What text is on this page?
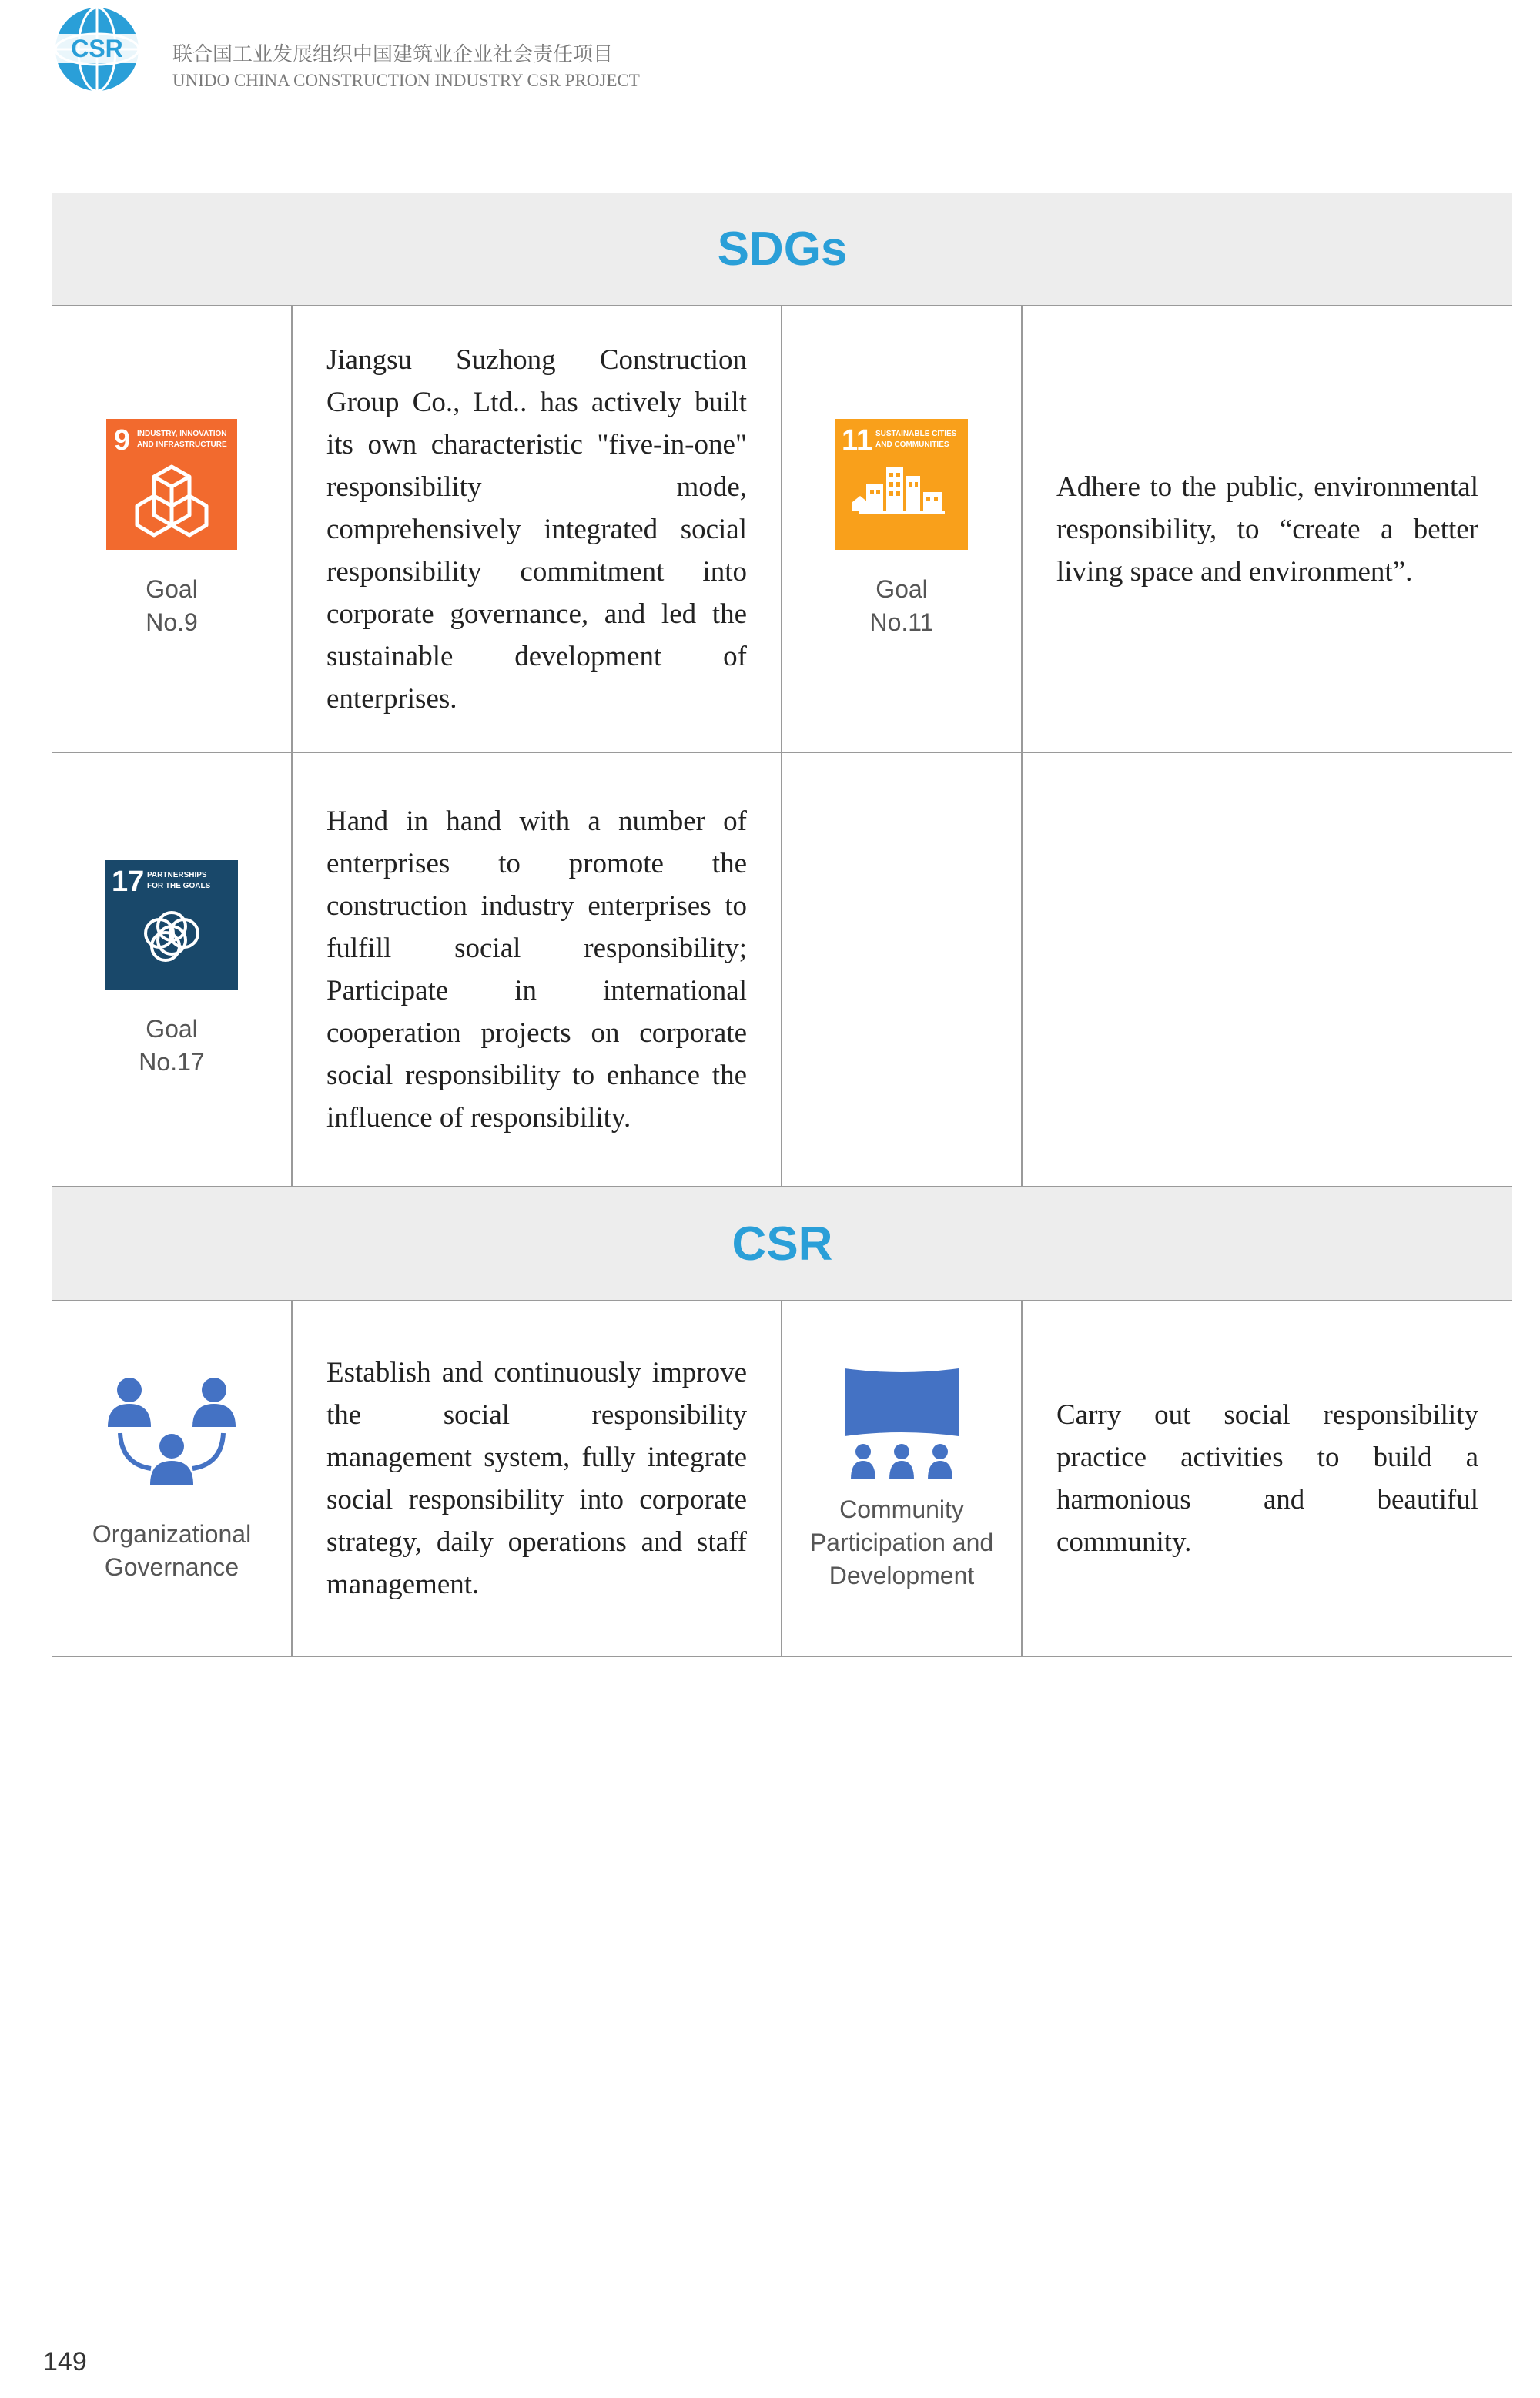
CSR 联合国工业发展组织中国建筑业企业社会责任项目
UNIDO CHINA CONSTRUCTION INDUSTRY CSR PROJECT
SDGs
9 INDUSTRY, INNOVATION
AND INFRASTRUCTURE
Goal
No.9
Jiangsu Suzhong Construction Group Co., Ltd.. has actively built its own characteristic "five-in-one" responsibility mode, comprehensively integrated social responsibility commitment into corporate governance, and led the sustainable development of enterprises.
11 SUSTAINABLE CITIES
AND COMMUNITIES
Goal
No.11
Adhere to the public, environmental responsibility, to “create a better living space and environment”.
17 PARTNERSHIPS
FOR THE GOALS
Goal
No.17
Hand in hand with a number of enterprises to promote the construction industry enterprises to fulfill social responsibility; Participate in international cooperation projects on corporate social responsibility to enhance the influence of responsibility.
CSR
Organizational
Governance
Establish and continuously improve the social responsibility management system, fully integrate social responsibility into corporate strategy, daily operations and staff management.
Community
Participation and
Development
Carry out social responsibility practice activities to build a harmonious and beautiful community.
149
